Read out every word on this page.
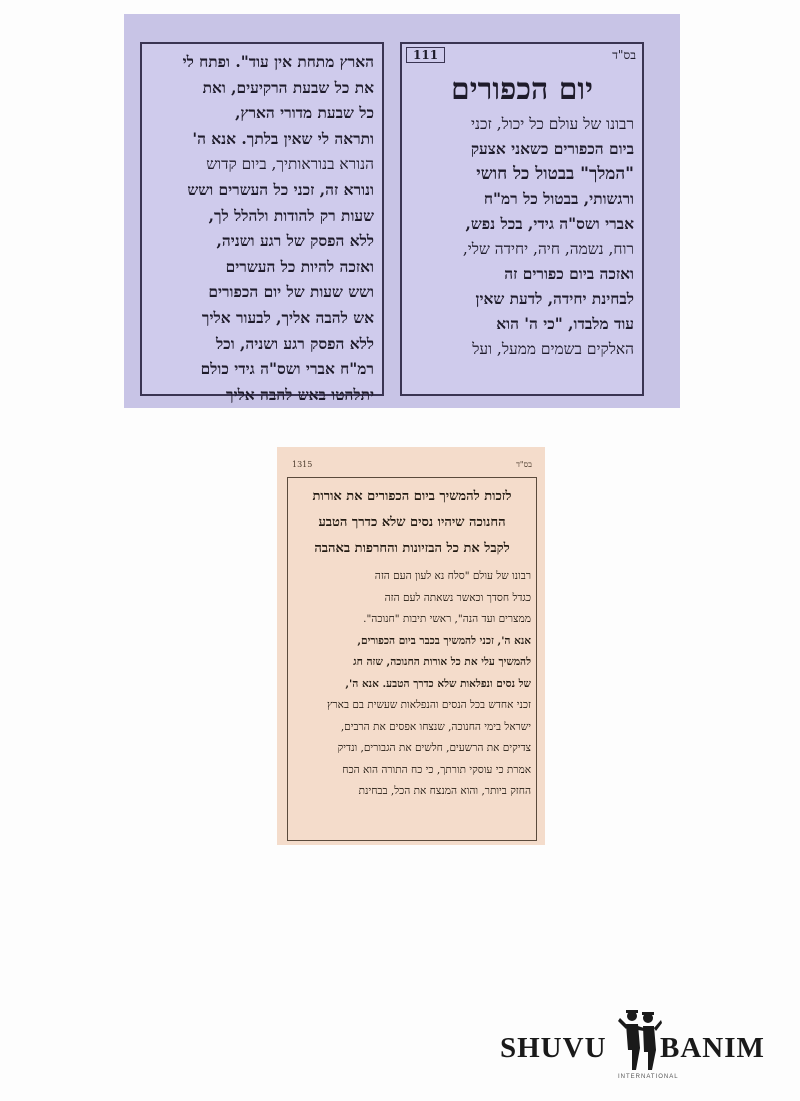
בס"ד
111
יום הכפורים
רבונו של עולם כל יכול, זכני
ביום הכפורים כשאני אצעק
"המלך" בבטול כל חושי
ורגשותי, בבטול כל רמ"ח
אברי ושס"ה גידי, בכל נפש,
רוח, נשמה, חיה, יחידה שלי,
ואזכה ביום כפורים זה
לבחינת יחידה, לדעת שאין
עוד מלבדו, "כי ה' הוא
האלקים בשמים ממעל, ועל
הארץ מתחת אין עוד". ופתח לי
את כל שבעת הרקיעים, ואת
כל שבעת מדורי הארץ,
ותראה לי שאין בלתך. אנא ה'
הנורא בנוראותיך, ביום קדוש
ונורא זה, זכני כל העשרים ושש
שעות רק להודות ולהלל לך,
ללא הפסק של רגע ושניה,
ואזכה להיות כל העשרים
ושש שעות של יום הכפורים
אש להבה אליך, לבעור אליך
ללא הפסק רגע ושניה, וכל
רמ"ח אברי ושס"ה גידי כולם
יתלהטו באש להבה אליך
1315	בס"ד
לזכות להמשיך ביום הכפורים את אורות
החנוכה שיהיו נסים שלא כדרך הטבע
לקבל את כל הבזיונות והחרפות באהבה
רבונו של עולם "סלח נא לעון העם הזה
כגדל חסדך וכאשר נשאתה לעם הזה
ממצרים ועד הנה", ראשי תיבות "חנוכה".
אנא ה', זכני להמשיך בכבר ביום הכפורים,
להמשיך עלי את כל אורות החנוכה, שזה חג
של נסים ונפלאות שלא כדרך הטבע. אנא ה',
זכני אחדש בכל הנסים והנפלאות שעשית בם בארץ
ישראל בימי החנוכה, שנצחו אפסים את הרבים,
צדיקים את הרשעים, חלשים את הגבורים, ונדיק
אמרת כי עוסקי תורתך, כי כח התורה הוא הכח
החזק ביותר, והוא המנצח את הכל, בבחינת
SHUVU BANIM
INTERNATIONAL
